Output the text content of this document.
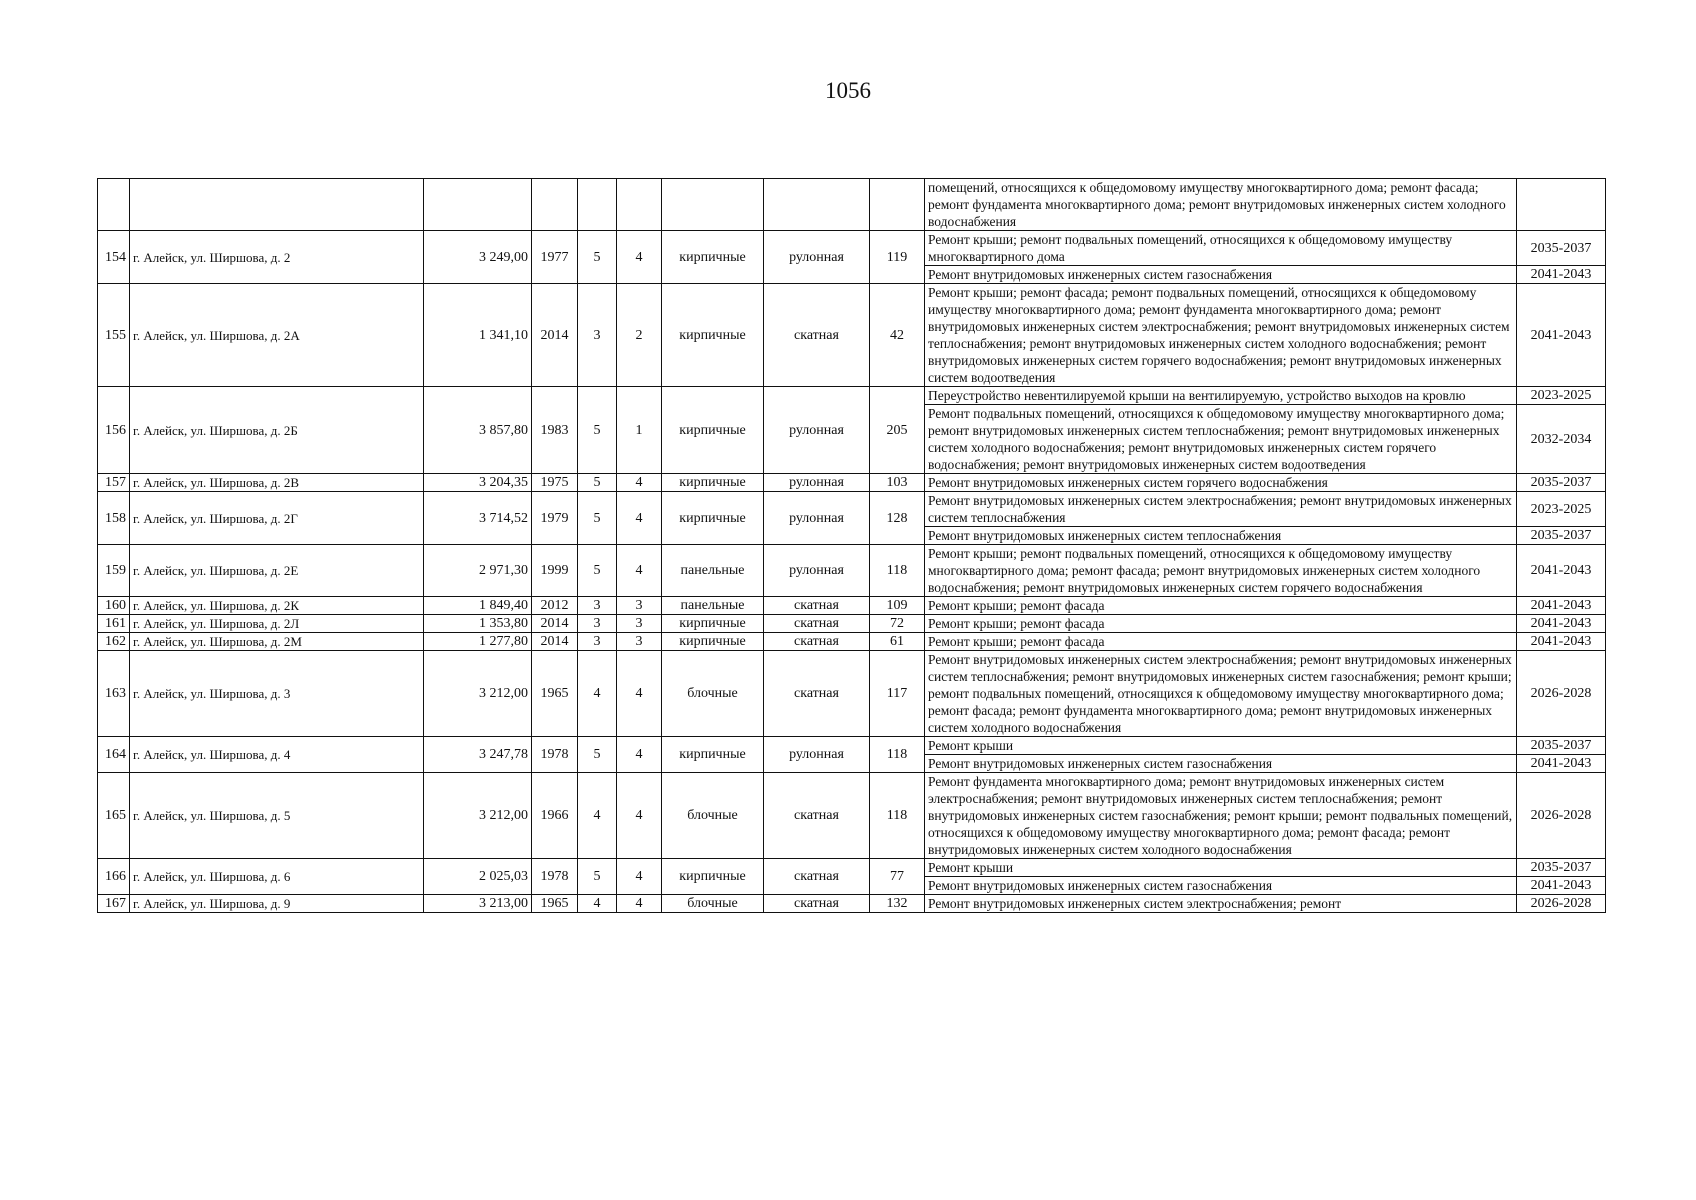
1056
									помещений, относящихся к общедомовому имуществу многоквартирного дома; ремонт фасада; ремонт фундамента многоквартирного дома; ремонт внутридомовых инженерных систем холодного водоснабжения	
154	г. Алейск, ул. Ширшова, д. 2	3 249,00	1977	5	4	кирпичные	рулонная	119	Ремонт крыши; ремонт подвальных помещений, относящихся к общедомовому имуществу многоквартирного дома	2035-2037
									Ремонт внутридомовых инженерных систем газоснабжения	2041-2043
155	г. Алейск, ул. Ширшова, д. 2А	1 341,10	2014	3	2	кирпичные	скатная	42	Ремонт крыши; ремонт фасада; ремонт подвальных помещений, относящихся к общедомовому имуществу многоквартирного дома; ремонт фундамента многоквартирного дома; ремонт внутридомовых инженерных систем электроснабжения; ремонт внутридомовых инженерных систем теплоснабжения; ремонт внутридомовых инженерных систем холодного водоснабжения; ремонт внутридомовых инженерных систем горячего водоснабжения; ремонт внутридомовых инженерных систем водоотведения	2041-2043
156	г. Алейск, ул. Ширшова, д. 2Б	3 857,80	1983	5	1	кирпичные	рулонная	205	Переустройство невентилируемой крыши на вентилируемую, устройство выходов на кровлю	2023-2025
									Ремонт подвальных помещений, относящихся к общедомовому имуществу многоквартирного дома; ремонт внутридомовых инженерных систем теплоснабжения; ремонт внутридомовых инженерных систем холодного водоснабжения; ремонт внутридомовых инженерных систем горячего водоснабжения; ремонт внутридомовых инженерных систем водоотведения	2032-2034
157	г. Алейск, ул. Ширшова, д. 2В	3 204,35	1975	5	4	кирпичные	рулонная	103	Ремонт внутридомовых инженерных систем горячего водоснабжения	2035-2037
158	г. Алейск, ул. Ширшова, д. 2Г	3 714,52	1979	5	4	кирпичные	рулонная	128	Ремонт внутридомовых инженерных систем электроснабжения; ремонт внутридомовых инженерных систем теплоснабжения	2023-2025
									Ремонт внутридомовых инженерных систем теплоснабжения	2035-2037
159	г. Алейск, ул. Ширшова, д. 2Е	2 971,30	1999	5	4	панельные	рулонная	118	Ремонт крыши; ремонт подвальных помещений, относящихся к общедомовому имуществу многоквартирного дома; ремонт фасада; ремонт внутридомовых инженерных систем холодного водоснабжения; ремонт внутридомовых инженерных систем горячего водоснабжения	2041-2043
160	г. Алейск, ул. Ширшова, д. 2К	1 849,40	2012	3	3	панельные	скатная	109	Ремонт крыши; ремонт фасада	2041-2043
161	г. Алейск, ул. Ширшова, д. 2Л	1 353,80	2014	3	3	кирпичные	скатная	72	Ремонт крыши; ремонт фасада	2041-2043
162	г. Алейск, ул. Ширшова, д. 2М	1 277,80	2014	3	3	кирпичные	скатная	61	Ремонт крыши; ремонт фасада	2041-2043
163	г. Алейск, ул. Ширшова, д. 3	3 212,00	1965	4	4	блочные	скатная	117	Ремонт внутридомовых инженерных систем электроснабжения; ремонт внутридомовых инженерных систем теплоснабжения; ремонт внутридомовых инженерных систем газоснабжения; ремонт крыши; ремонт подвальных помещений, относящихся к общедомовому имуществу многоквартирного дома; ремонт фасада; ремонт фундамента многоквартирного дома; ремонт внутридомовых инженерных систем холодного водоснабжения	2026-2028
164	г. Алейск, ул. Ширшова, д. 4	3 247,78	1978	5	4	кирпичные	рулонная	118	Ремонт крыши	2035-2037
									Ремонт внутридомовых инженерных систем газоснабжения	2041-2043
165	г. Алейск, ул. Ширшова, д. 5	3 212,00	1966	4	4	блочные	скатная	118	Ремонт фундамента многоквартирного дома; ремонт внутридомовых инженерных систем электроснабжения; ремонт внутридомовых инженерных систем теплоснабжения; ремонт внутридомовых инженерных систем газоснабжения; ремонт крыши; ремонт подвальных помещений, относящихся к общедомовому имуществу многоквартирного дома; ремонт фасада; ремонт внутридомовых инженерных систем холодного водоснабжения	2026-2028
166	г. Алейск, ул. Ширшова, д. 6	2 025,03	1978	5	4	кирпичные	скатная	77	Ремонт крыши	2035-2037
									Ремонт внутридомовых инженерных систем газоснабжения	2041-2043
167	г. Алейск, ул. Ширшова, д. 9	3 213,00	1965	4	4	блочные	скатная	132	Ремонт внутридомовых инженерных систем электроснабжения; ремонт	2026-2028
